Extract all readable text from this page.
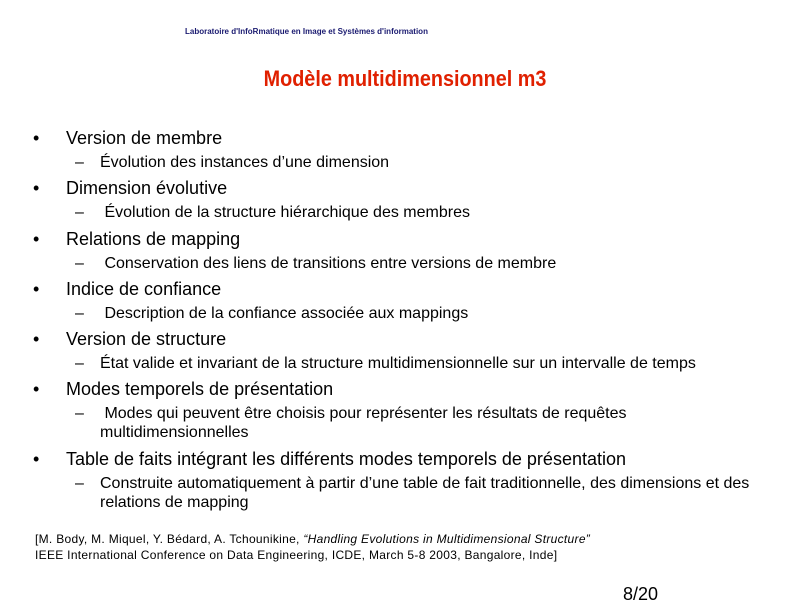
Laboratoire d'InfoRmatique en Image et Systèmes d'information
Modèle multidimensionnel m3
• Version de membre
– Évolution des instances d’une dimension
• Dimension évolutive
– Évolution de la structure hiérarchique des membres
• Relations de mapping
– Conservation des liens de transitions entre versions de membre
• Indice de confiance
– Description de la confiance associée aux mappings
• Version de structure
– État valide et invariant de la structure multidimensionnelle sur un intervalle de temps
• Modes temporels de présentation
– Modes qui peuvent être choisis pour représenter les résultats de requêtes multidimensionnelles
• Table de faits intégrant les différents modes temporels de présentation
– Construite automatiquement à partir d’une table de fait traditionnelle, des dimensions et des relations de mapping
[M. Body, M. Miquel, Y. Bédard, A. Tchounikine, “Handling Evolutions in Multidimensional Structure”
IEEE International Conference on Data Engineering, ICDE, March 5-8 2003, Bangalore, Inde]
8/20
